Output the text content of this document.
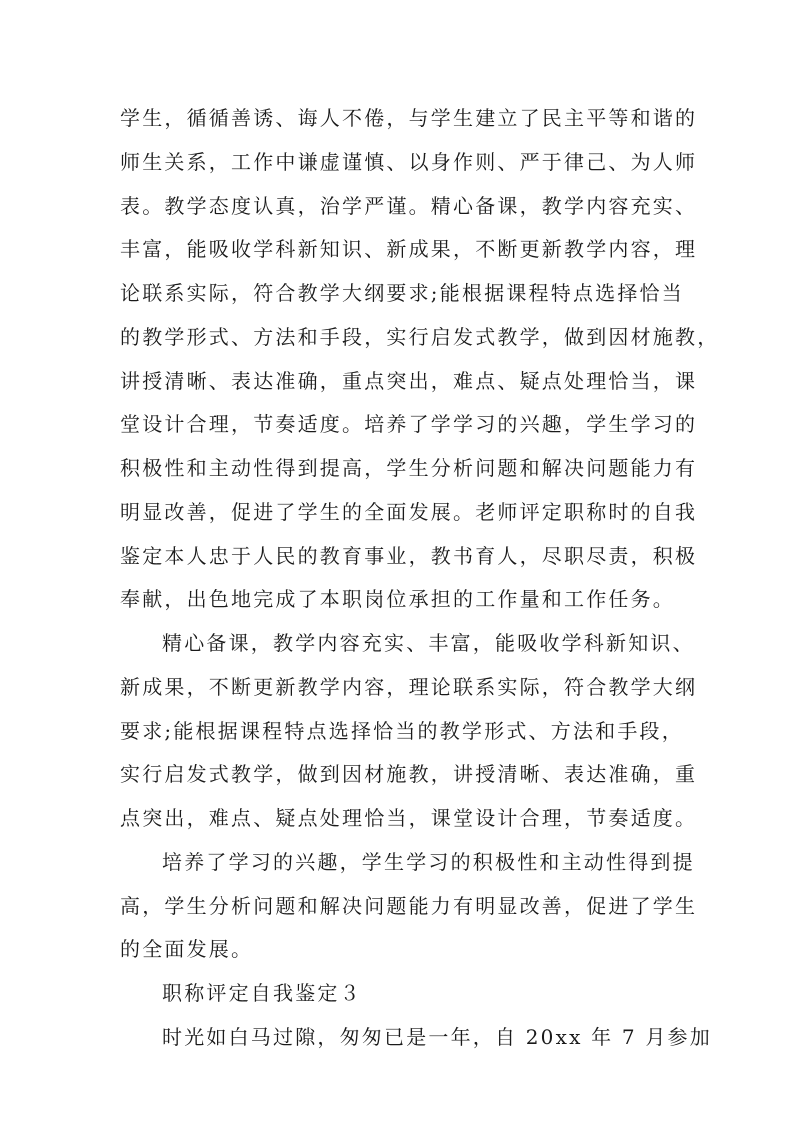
学生，循循善诱、诲人不倦，与学生建立了民主平等和谐的
师生关系，工作中谦虚谨慎、以身作则、严于律己、为人师
表。教学态度认真，治学严谨。精心备课，教学内容充实、
丰富，能吸收学科新知识、新成果，不断更新教学内容，理
论联系实际，符合教学大纲要求;能根据课程特点选择恰当
的教学形式、方法和手段，实行启发式教学，做到因材施教，
讲授清晰、表达准确，重点突出，难点、疑点处理恰当，课
堂设计合理，节奏适度。培养了学学习的兴趣，学生学习的
积极性和主动性得到提高，学生分析问题和解决问题能力有
明显改善，促进了学生的全面发展。老师评定职称时的自我
鉴定本人忠于人民的教育事业，教书育人，尽职尽责，积极
奉献，出色地完成了本职岗位承担的工作量和工作任务。
精心备课，教学内容充实、丰富，能吸收学科新知识、
新成果，不断更新教学内容，理论联系实际，符合教学大纲
要求;能根据课程特点选择恰当的教学形式、方法和手段，
实行启发式教学，做到因材施教，讲授清晰、表达准确，重
点突出，难点、疑点处理恰当，课堂设计合理，节奏适度。
培养了学习的兴趣，学生学习的积极性和主动性得到提
高，学生分析问题和解决问题能力有明显改善，促进了学生
的全面发展。
职称评定自我鉴定３
时光如白马过隙，匆匆已是一年，自 20xx 年 7 月参加
